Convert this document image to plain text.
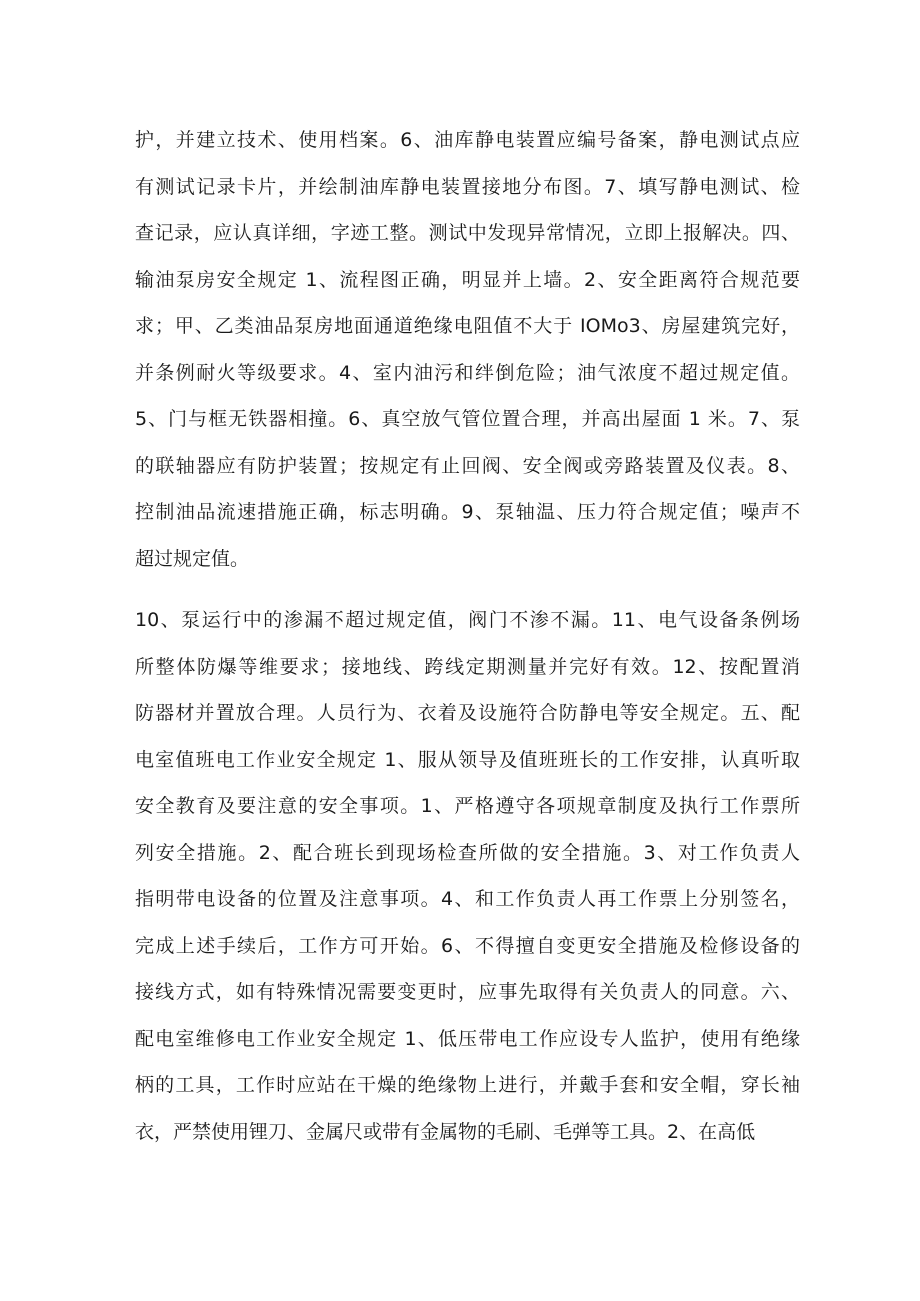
护，并建立技术、使用档案。6、油库静电装置应编号备案，静电测试点应
有测试记录卡片，并绘制油库静电装置接地分布图。7、填写静电测试、检
查记录，应认真详细，字迹工整。测试中发现异常情况，立即上报解决。四、
输油泵房安全规定 1、流程图正确，明显并上墙。2、安全距离符合规范要
求；甲、乙类油品泵房地面通道绝缘电阻值不大于 IOMo3、房屋建筑完好，
并条例耐火等级要求。4、室内油污和绊倒危险；油气浓度不超过规定值。
5、门与框无铁器相撞。6、真空放气管位置合理，并高出屋面 1 米。7、泵
的联轴器应有防护装置；按规定有止回阀、安全阀或旁路装置及仪表。8、
控制油品流速措施正确，标志明确。9、泵轴温、压力符合规定值；噪声不
超过规定值。

10、泵运行中的渗漏不超过规定值，阀门不渗不漏。11、电气设备条例场
所整体防爆等维要求；接地线、跨线定期测量并完好有效。12、按配置消
防器材并置放合理。人员行为、衣着及设施符合防静电等安全规定。五、配
电室值班电工作业安全规定 1、服从领导及值班班长的工作安排，认真听取
安全教育及要注意的安全事项。1、严格遵守各项规章制度及执行工作票所
列安全措施。2、配合班长到现场检查所做的安全措施。3、对工作负责人
指明带电设备的位置及注意事项。4、和工作负责人再工作票上分别签名，
完成上述手续后，工作方可开始。6、不得擅自变更安全措施及检修设备的
接线方式，如有特殊情况需要变更时，应事先取得有关负责人的同意。六、
配电室维修电工作业安全规定 1、低压带电工作应设专人监护，使用有绝缘
柄的工具，工作时应站在干燥的绝缘物上进行，并戴手套和安全帽，穿长袖
衣，严禁使用锂刀、金属尺或带有金属物的毛刷、毛弹等工具。2、在高低
